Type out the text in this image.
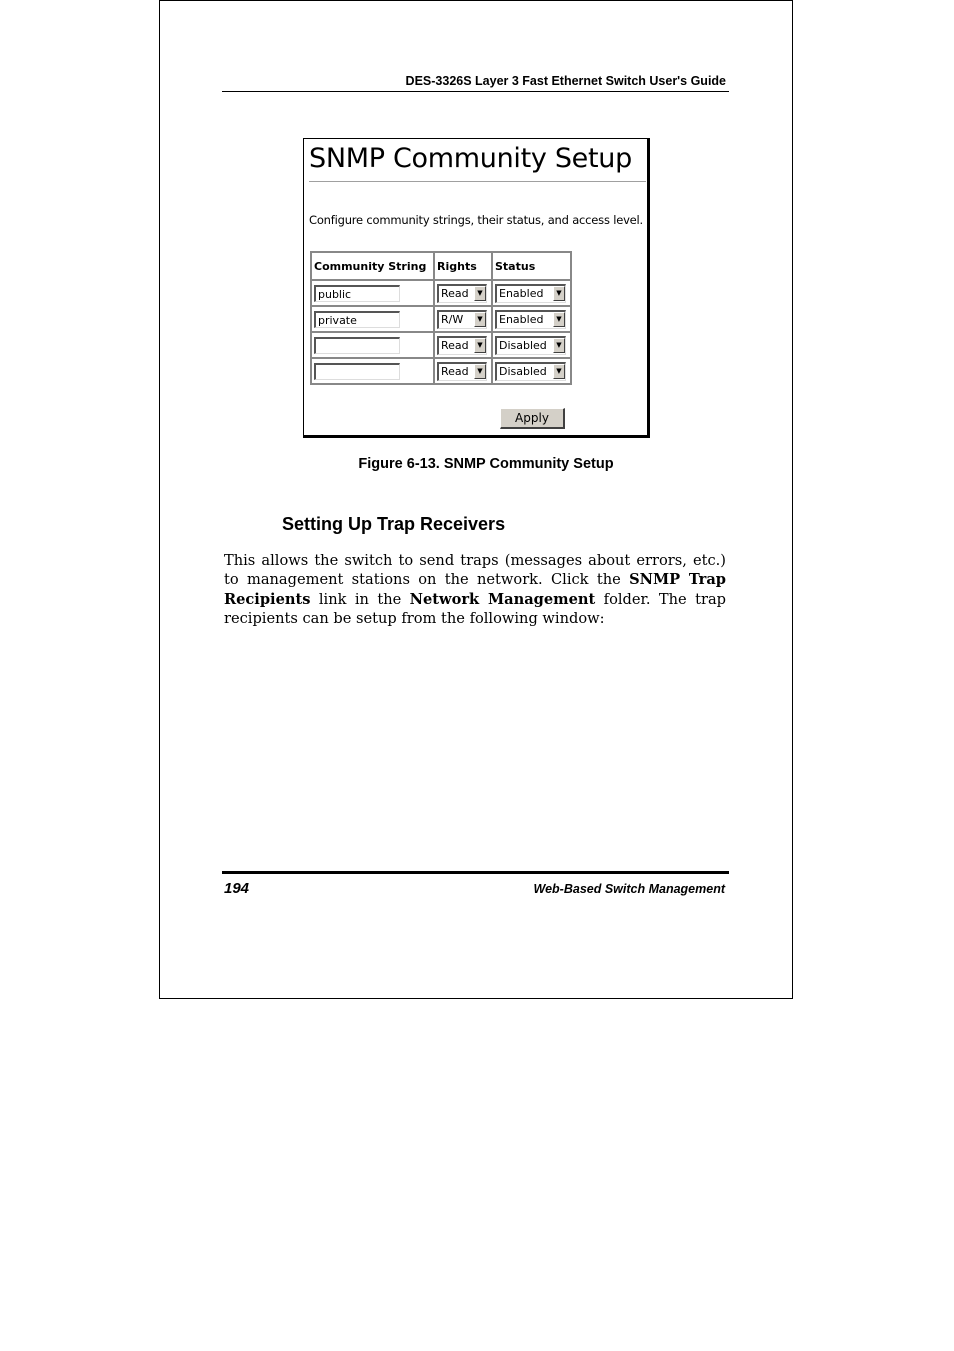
DES-3326S Layer 3 Fast Ethernet Switch User's Guide
SNMP Community Setup
Configure community strings, their status, and access level.
Community String	Rights	Status

public	Read ▼	Enabled ▼

private	R/W ▼	Enabled ▼

	Read ▼	Disabled ▼

	Read ▼	Disabled ▼
Apply
Figure 6-13. SNMP Community Setup
Setting Up Trap Receivers
This allows the switch to send traps (messages about errors, etc.) to management stations on the network. Click the SNMP Trap Recipients link in the Network Management folder. The trap recipients can be setup from the following window:
194	Web-Based Switch Management
